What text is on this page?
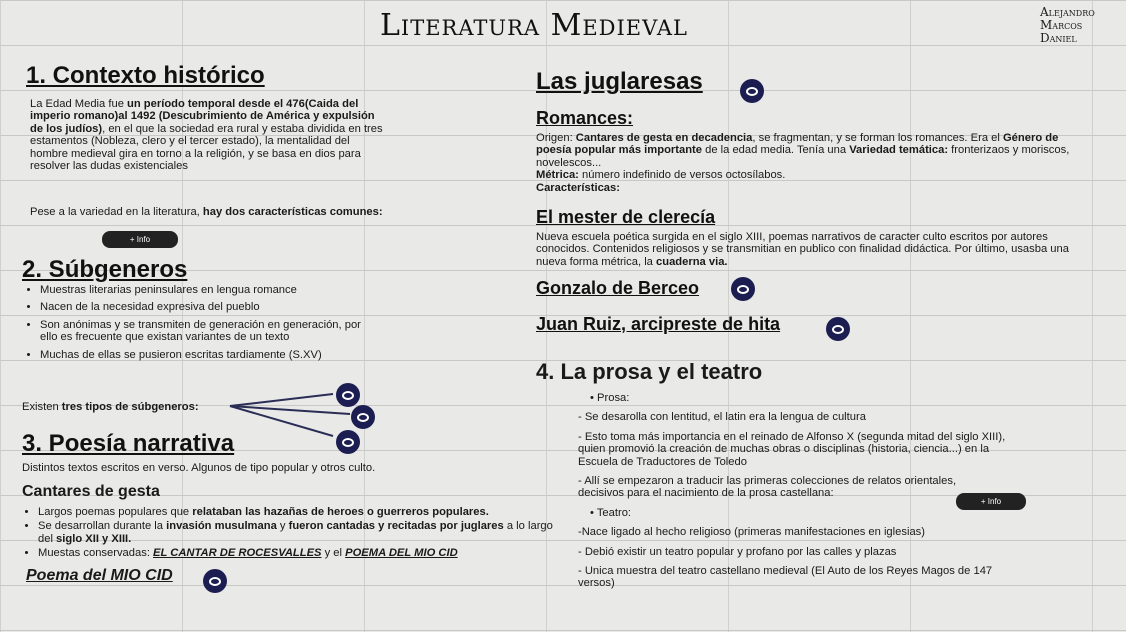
Literatura Medieval	Alejandro
Marcos
Daniel
1. Contexto histórico
La Edad Media fue un período temporal desde el 476(Caida del imperio romano)al 1492 (Descubrimiento de América y expulsión de los judíos), en el que la sociedad era rural y estaba dividida en tres estamentos (Nobleza, clero y el tercer estado), la mentalidad del hombre medieval gira en torno a la religión, y se basa en dios para resolver las dudas existenciales
Pese a la variedad en la literatura, hay dos características comunes:
+ Info
2. Súbgeneros
• Muestras literarias peninsulares en lengua romance
• Nacen de la necesidad expresiva del pueblo
• Son anónimas y se transmiten de generación en generación, por ello es frecuente que existan variantes de un texto
• Muchas de ellas se pusieron escritas tardiamente (S.XV)
Existen tres tipos de súbgeneros:
3. Poesía narrativa
Distintos textos escritos en verso. Algunos de tipo popular y otros culto.
Cantares de gesta
• Largos poemas populares que relataban las hazañas de heroes o guerreros populares.
• Se desarrollan durante la invasión musulmana y fueron cantadas y recitadas por juglares a lo largo del siglo XII y XIII.
• Muestas conservadas: EL CANTAR DE ROCESVALLES y el POEMA DEL MIO CID
Poema del MIO CID
Las juglaresas
Romances:
Origen: Cantares de gesta en decadencia, se fragmentan, y se forman los romances. Era el Género de poesía popular más importante de la edad media. Tenía una Variedad temática: fronterizaos y moriscos, novelescos...
Métrica: número indefinido de versos octosílabos.
Características:
El mester de clerecía
Nueva escuela poética surgida en el siglo XIII, poemas narrativos de caracter culto escritos por autores conocidos. Contenidos religiosos y se transmitian en publico con finalidad didáctica. Por último, usasba una nueva forma métrica, la cuaderna via.
Gonzalo de Berceo
Juan Ruiz, arcipreste de hita
4. La prosa y el teatro
• Prosa:
- Se desarolla con lentitud, el latin era la lengua de cultura
- Esto toma más importancia en el reinado de Alfonso X (segunda mitad del siglo XIII), quien promovió la creación de muchas obras o disciplinas (historia, ciencia...) en la Escuela de Traductores de Toledo
- Allí se empezaron a traducir las primeras colecciones de relatos orientales, decisivos para el nacimiento de la prosa castellana:
• Teatro:
-Nace ligado al hecho religioso (primeras manifestaciones en iglesias)
- Debió existir un teatro popular y profano por las calles y plazas
- Unica muestra del teatro castellano medieval (El Auto de los Reyes Magos de 147 versos)
+ Info
